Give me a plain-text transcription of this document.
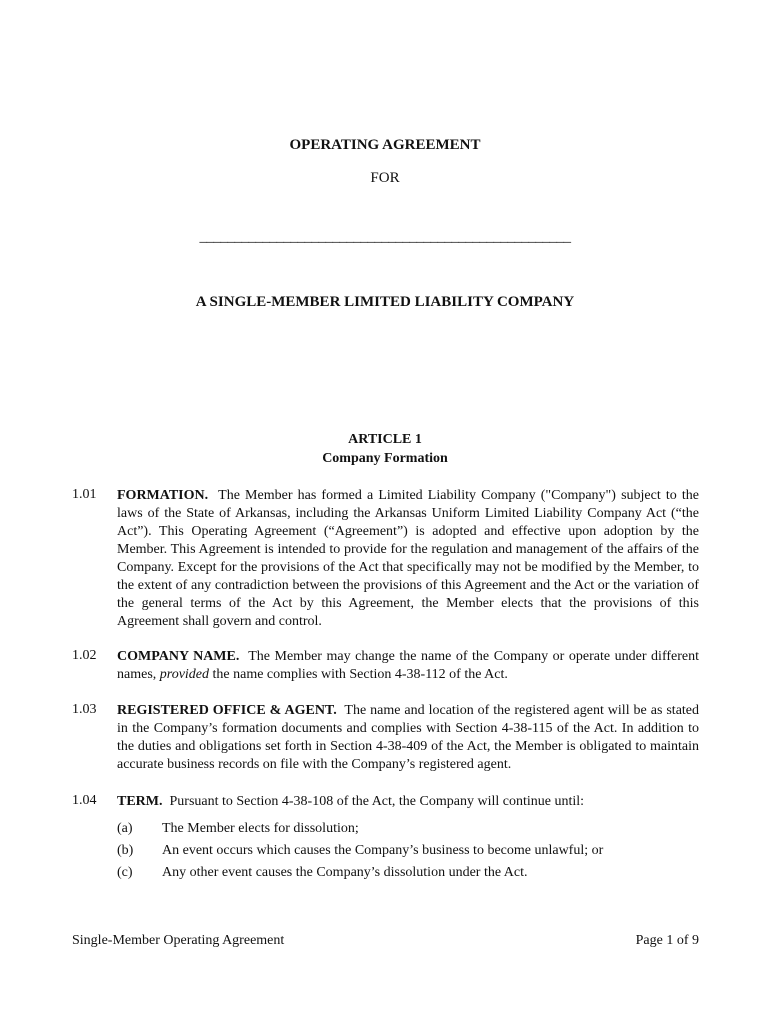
OPERATING AGREEMENT
FOR
_____________________________________________________
A SINGLE-MEMBER LIMITED LIABILITY COMPANY
ARTICLE 1
Company Formation
1.01	FORMATION. The Member has formed a Limited Liability Company ("Company") subject to the laws of the State of Arkansas, including the Arkansas Uniform Limited Liability Company Act (“the Act”). This Operating Agreement (“Agreement”) is adopted and effective upon adoption by the Member. This Agreement is intended to provide for the regulation and management of the affairs of the Company. Except for the provisions of the Act that specifically may not be modified by the Member, to the extent of any contradiction between the provisions of this Agreement and the Act or the variation of the general terms of the Act by this Agreement, the Member elects that the provisions of this Agreement shall govern and control.
1.02	COMPANY NAME. The Member may change the name of the Company or operate under different names, provided the name complies with Section 4-38-112 of the Act.
1.03	REGISTERED OFFICE & AGENT. The name and location of the registered agent will be as stated in the Company’s formation documents and complies with Section 4-38-115 of the Act. In addition to the duties and obligations set forth in Section 4-38-409 of the Act, the Member is obligated to maintain accurate business records on file with the Company’s registered agent.
1.04	TERM. Pursuant to Section 4-38-108 of the Act, the Company will continue until:
(a)	The Member elects for dissolution;
(b)	An event occurs which causes the Company’s business to become unlawful; or
(c)	Any other event causes the Company’s dissolution under the Act.
Single-Member Operating Agreement	Page 1 of 9
